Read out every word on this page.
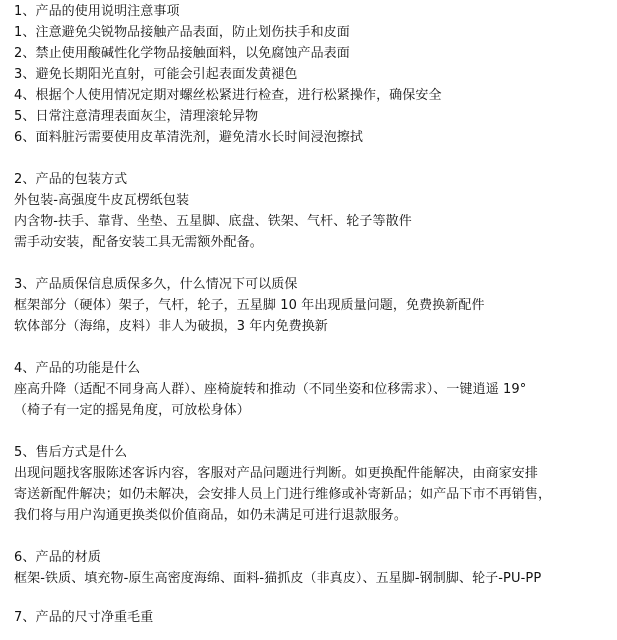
1、产品的使用说明注意事项
1、注意避免尖锐物品接触产品表面，防止划伤扶手和皮面
2、禁止使用酸碱性化学物品接触面料，以免腐蚀产品表面
3、避免长期阳光直射，可能会引起表面发黄褪色
4、根据个人使用情况定期对螺丝松紧进行检查，进行松紧操作，确保安全
5、日常注意清理表面灰尘，清理滚轮异物
6、面料脏污需要使用皮革清洗剂，避免清水长时间浸泡擦拭
2、产品的包装方式
外包装-高强度牛皮瓦楞纸包装
内含物-扶手、靠背、坐垫、五星脚、底盘、铁架、气杆、轮子等散件
需手动安装，配备安装工具无需额外配备。
3、产品质保信息质保多久，什么情况下可以质保
框架部分（硬体）架子，气杆，轮子，五星脚 10 年出现质量问题，免费换新配件
软体部分（海绵，皮料）非人为破损，3 年内免费换新
4、产品的功能是什么
座高升降（适配不同身高人群）、座椅旋转和推动（不同坐姿和位移需求）、一键逍遥 19°
（椅子有一定的摇晃角度，可放松身体）
5、售后方式是什么
出现问题找客服陈述客诉内容，客服对产品问题进行判断。如更换配件能解决，由商家安排
寄送新配件解决；如仍未解决，会安排人员上门进行维修或补寄新品；如产品下市不再销售，
我们将与用户沟通更换类似价值商品，如仍未满足可进行退款服务。
6、产品的材质
框架-铁质、填充物-原生高密度海绵、面料-猫抓皮（非真皮）、五星脚-钢制脚、轮子-PU-PP
7、产品的尺寸净重毛重
